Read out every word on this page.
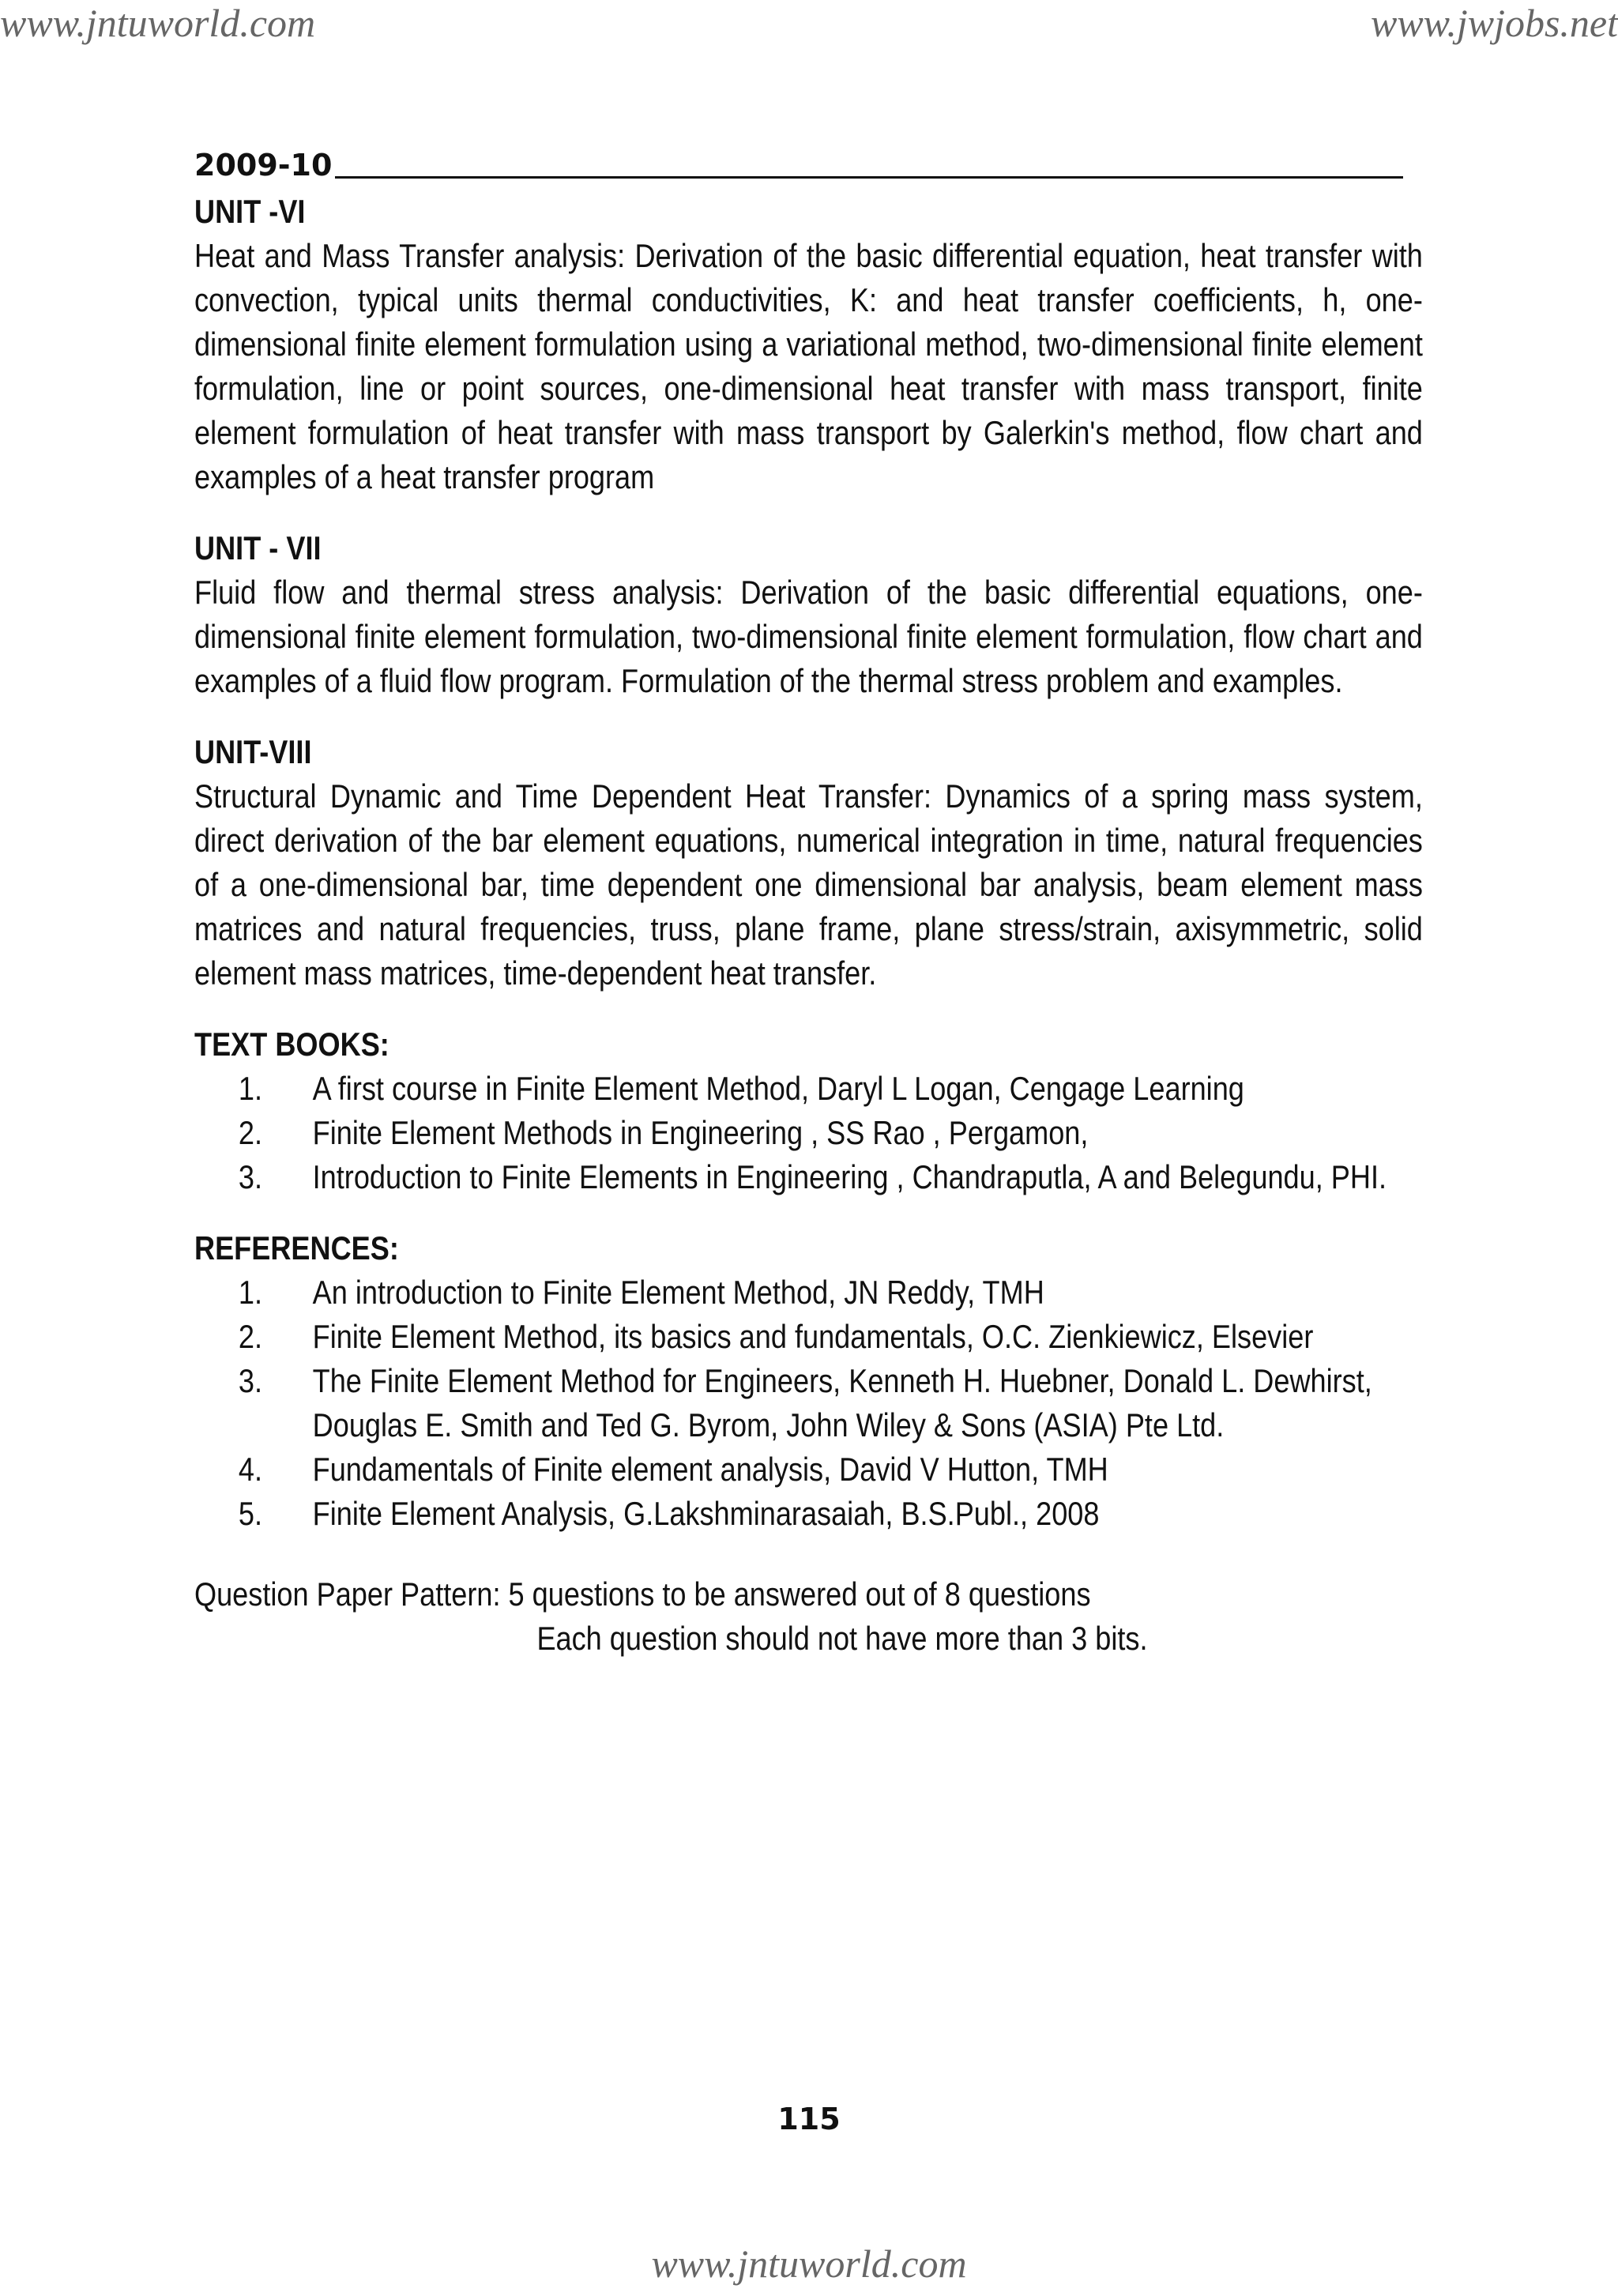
www.jntuworld.com	www.jwjobs.net
2009-10
UNIT -VI

Heat and Mass Transfer analysis: Derivation of the basic differential equation, heat transfer with convection, typical units thermal conductivities, K: and heat transfer coefficients, h, one-dimensional finite element formulation using a variational method, two-dimensional finite element formulation, line or point sources, one-dimensional heat transfer with mass transport, finite element formulation of heat transfer with mass transport by Galerkin's method, flow chart and examples of a heat transfer program

UNIT - VII

Fluid flow and thermal stress analysis: Derivation of the basic differential equations, one-dimensional finite element formulation, two-dimensional finite element formulation, flow chart and examples of a fluid flow program. Formulation of the thermal stress problem and examples.

UNIT-VIII

Structural Dynamic and Time Dependent Heat Transfer: Dynamics of a spring mass system, direct derivation of the bar element equations, numerical integration in time, natural frequencies of a one-dimensional bar, time dependent one dimensional bar analysis, beam element mass matrices and natural frequencies, truss, plane frame, plane stress/strain, axisymmetric, solid element mass matrices, time-dependent heat transfer.

TEXT BOOKS:
1.	A first course in Finite Element Method, Daryl L Logan, Cengage Learning
2.	Finite Element Methods in Engineering , SS Rao , Pergamon,
3.	Introduction to Finite Elements in Engineering , Chandraputla, A and Belegundu, PHI.
REFERENCES:
1.	An introduction to Finite Element Method, JN Reddy, TMH
2.	Finite Element Method, its basics and fundamentals, O.C. Zienkiewicz, Elsevier
3.	The Finite Element Method for Engineers, Kenneth H. Huebner, Donald L. Dewhirst, Douglas E. Smith and Ted G. Byrom, John Wiley & Sons (ASIA) Pte Ltd.
4.	Fundamentals of Finite element analysis, David V Hutton, TMH
5.	Finite Element Analysis, G.Lakshminarasaiah, B.S.Publ., 2008
Question Paper Pattern: 5 questions to be answered out of 8 questions
Each question should not have more than 3 bits.
115
www.jntuworld.com
